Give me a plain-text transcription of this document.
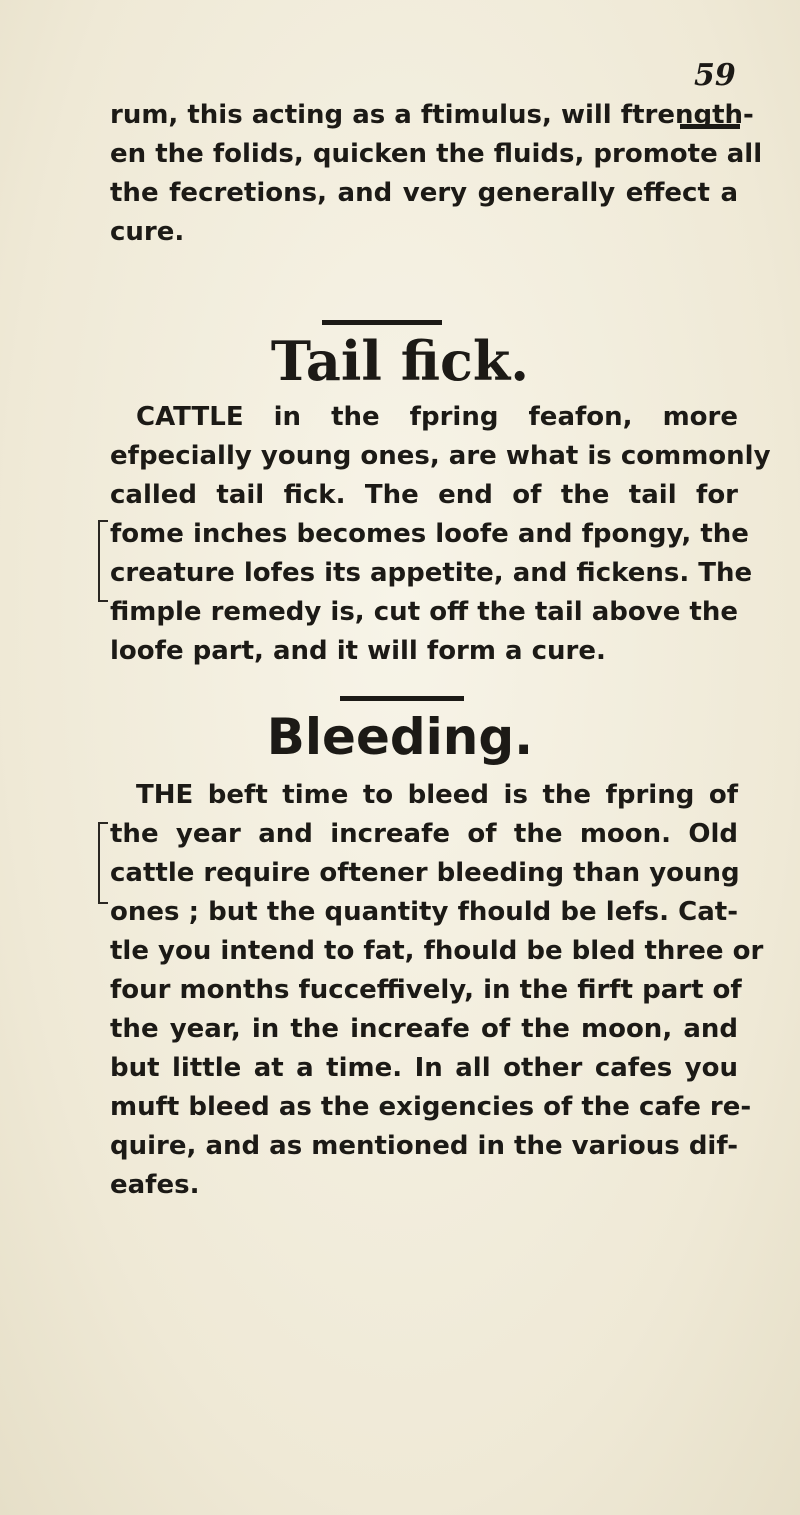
59
rum, this acting as a ftimulus, will ftrength-
en the folids, quicken the fluids, promote all
the fecretions, and very generally effect a
cure.
Tail fick.
CATTLE in the fpring feafon, more
efpecially young ones, are what is commonly
called tail fick. The end of the tail for
fome inches becomes loofe and fpongy, the
creature lofes its appetite, and fickens. The
fimple remedy is, cut off the tail above the
loofe part, and it will form a cure.
Bleeding.
THE beft time to bleed is the fpring of
the year and increafe of the moon. Old
cattle require oftener bleeding than young
ones ; but the quantity fhould be lefs. Cat-
tle you intend to fat, fhould be bled three or
four months fucceffively, in the firft part of
the year, in the increafe of the moon, and
but little at a time. In all other cafes you
muft bleed as the exigencies of the cafe re-
quire, and as mentioned in the various dif-
eafes.
